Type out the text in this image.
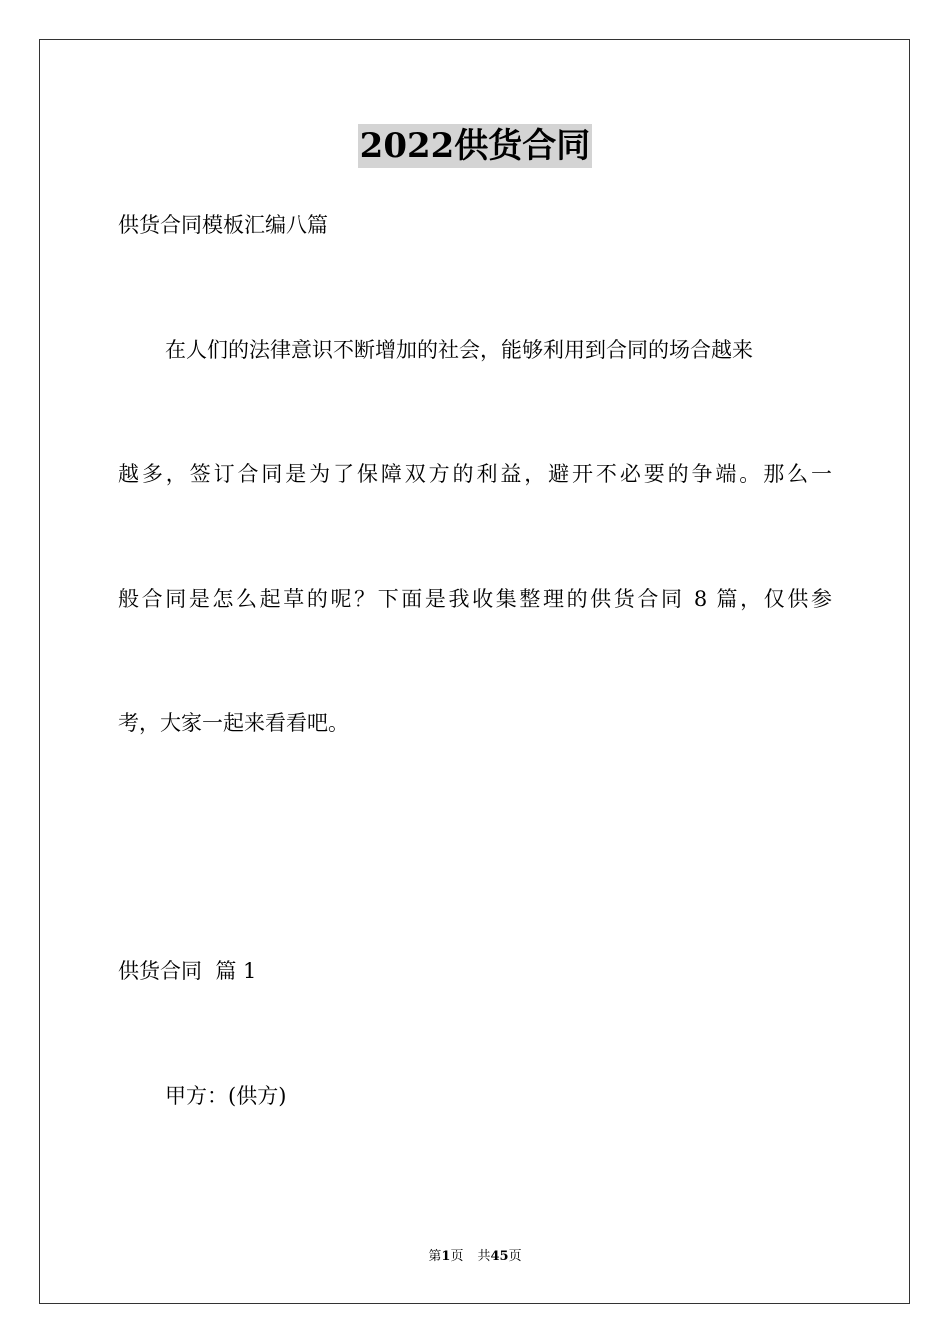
2022供货合同
供货合同模板汇编八篇
在人们的法律意识不断增加的社会，能够利用到合同的场合越来
越多，签订合同是为了保障双方的利益，避开不必要的争端。那么一
般合同是怎么起草的呢？下面是我收集整理的供货合同 8 篇，仅供参
考，大家一起来看看吧。
供货合同  篇 1
甲方：(供方)
第1页 共45页
